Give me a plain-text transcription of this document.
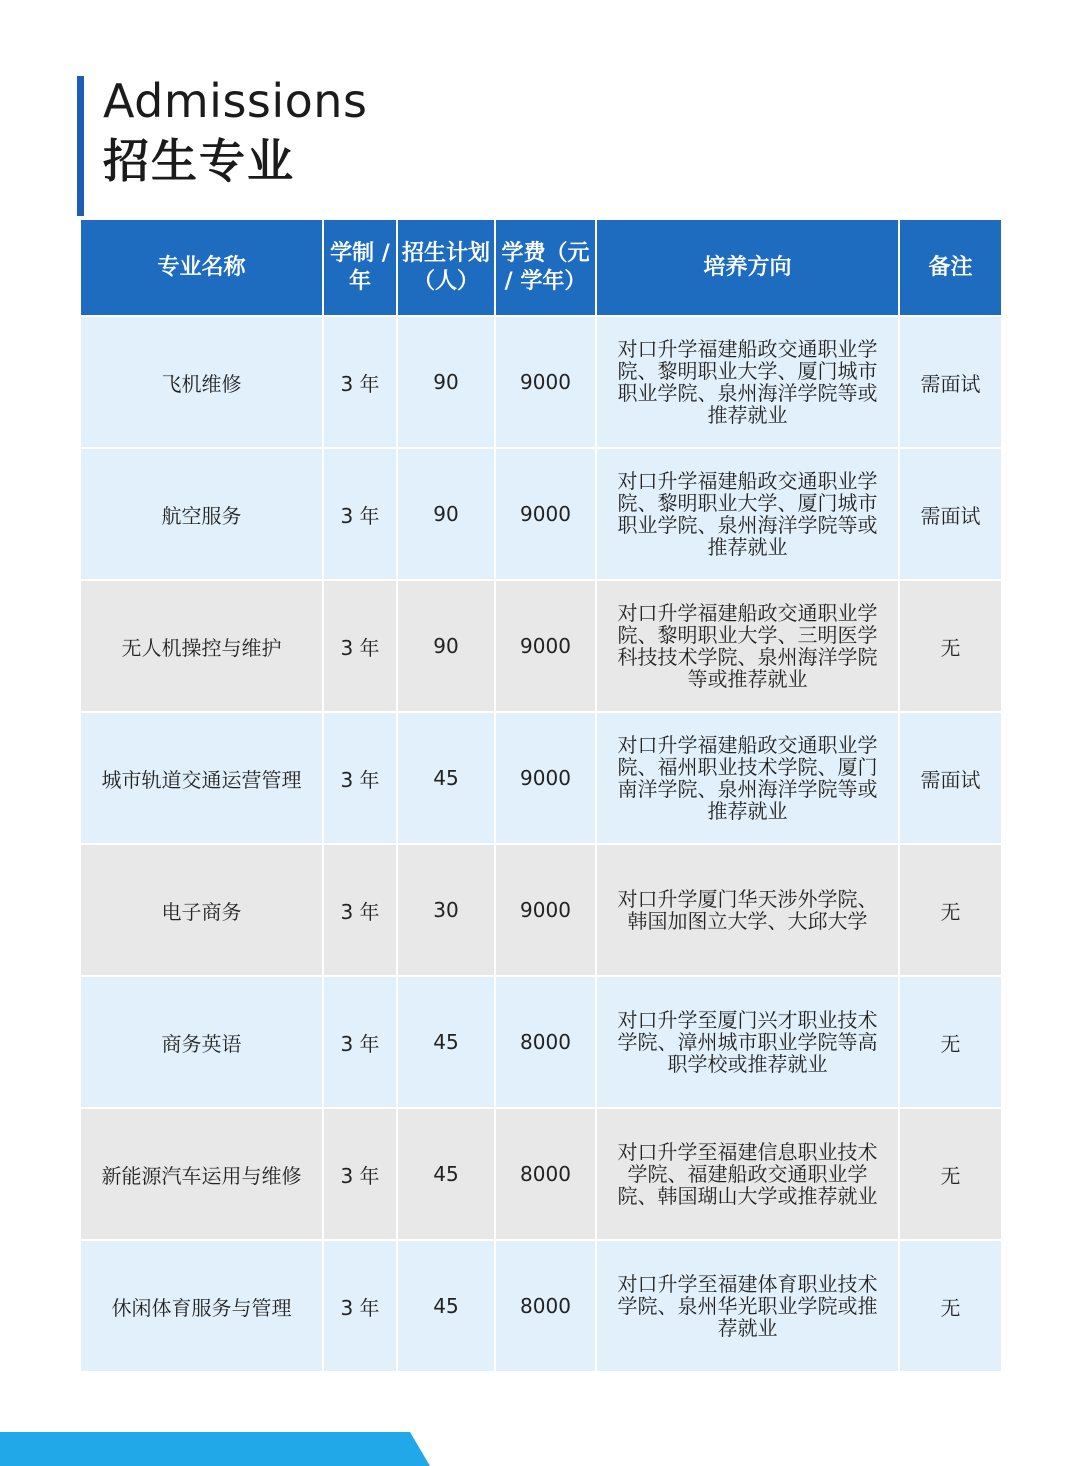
Admissions
招生专业
专业名称	学制 / 年	招生计划（人）	学费（元 / 学年）	培养方向	备注
飞机维修	3 年	90	9000	对口升学福建船政交通职业学院、黎明职业大学、厦门城市职业学院、泉州海洋学院等或推荐就业	需面试
航空服务	3 年	90	9000	对口升学福建船政交通职业学院、黎明职业大学、厦门城市职业学院、泉州海洋学院等或推荐就业	需面试
无人机操控与维护	3 年	90	9000	对口升学福建船政交通职业学院、黎明职业大学、三明医学科技技术学院、泉州海洋学院等或推荐就业	无
城市轨道交通运营管理	3 年	45	9000	对口升学福建船政交通职业学院、福州职业技术学院、厦门南洋学院、泉州海洋学院等或推荐就业	需面试
电子商务	3 年	30	9000	对口升学厦门华天涉外学院、韩国加图立大学、大邱大学	无
商务英语	3 年	45	8000	对口升学至厦门兴才职业技术学院、漳州城市职业学院等高职学校或推荐就业	无
新能源汽车运用与维修	3 年	45	8000	对口升学至福建信息职业技术学院、福建船政交通职业学院、韩国瑚山大学或推荐就业	无
休闲体育服务与管理	3 年	45	8000	对口升学至福建体育职业技术学院、泉州华光职业学院或推荐就业	无
